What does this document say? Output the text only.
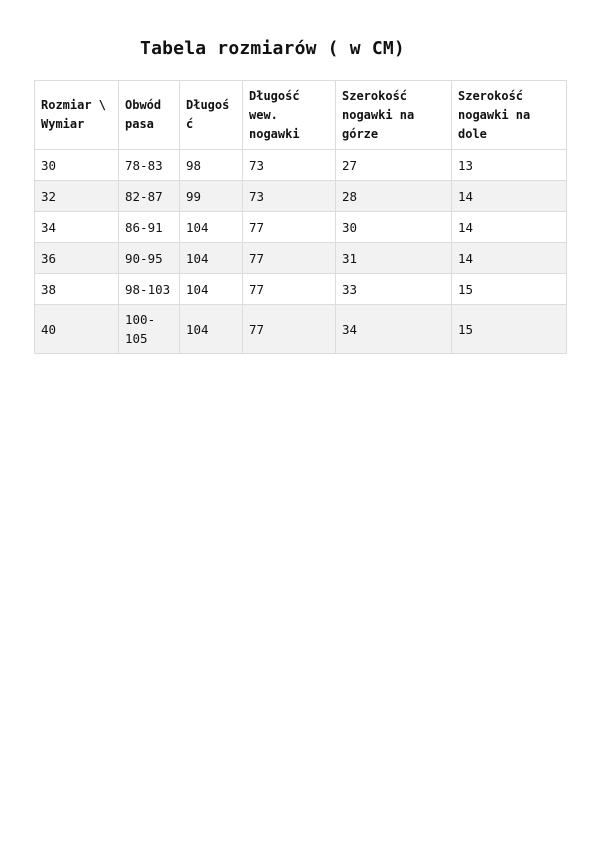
Tabela rozmiarów ( w CM)
Rozmiar \ Wymiar	Obwód pasa	Długość	Długość wew. nogawki	Szerokość nogawki na górze	Szerokość nogawki na dole
30	78-83	98	73	27	13
32	82-87	99	73	28	14
34	86-91	104	77	30	14
36	90-95	104	77	31	14
38	98-103	104	77	33	15
40	100-105	104	77	34	15
